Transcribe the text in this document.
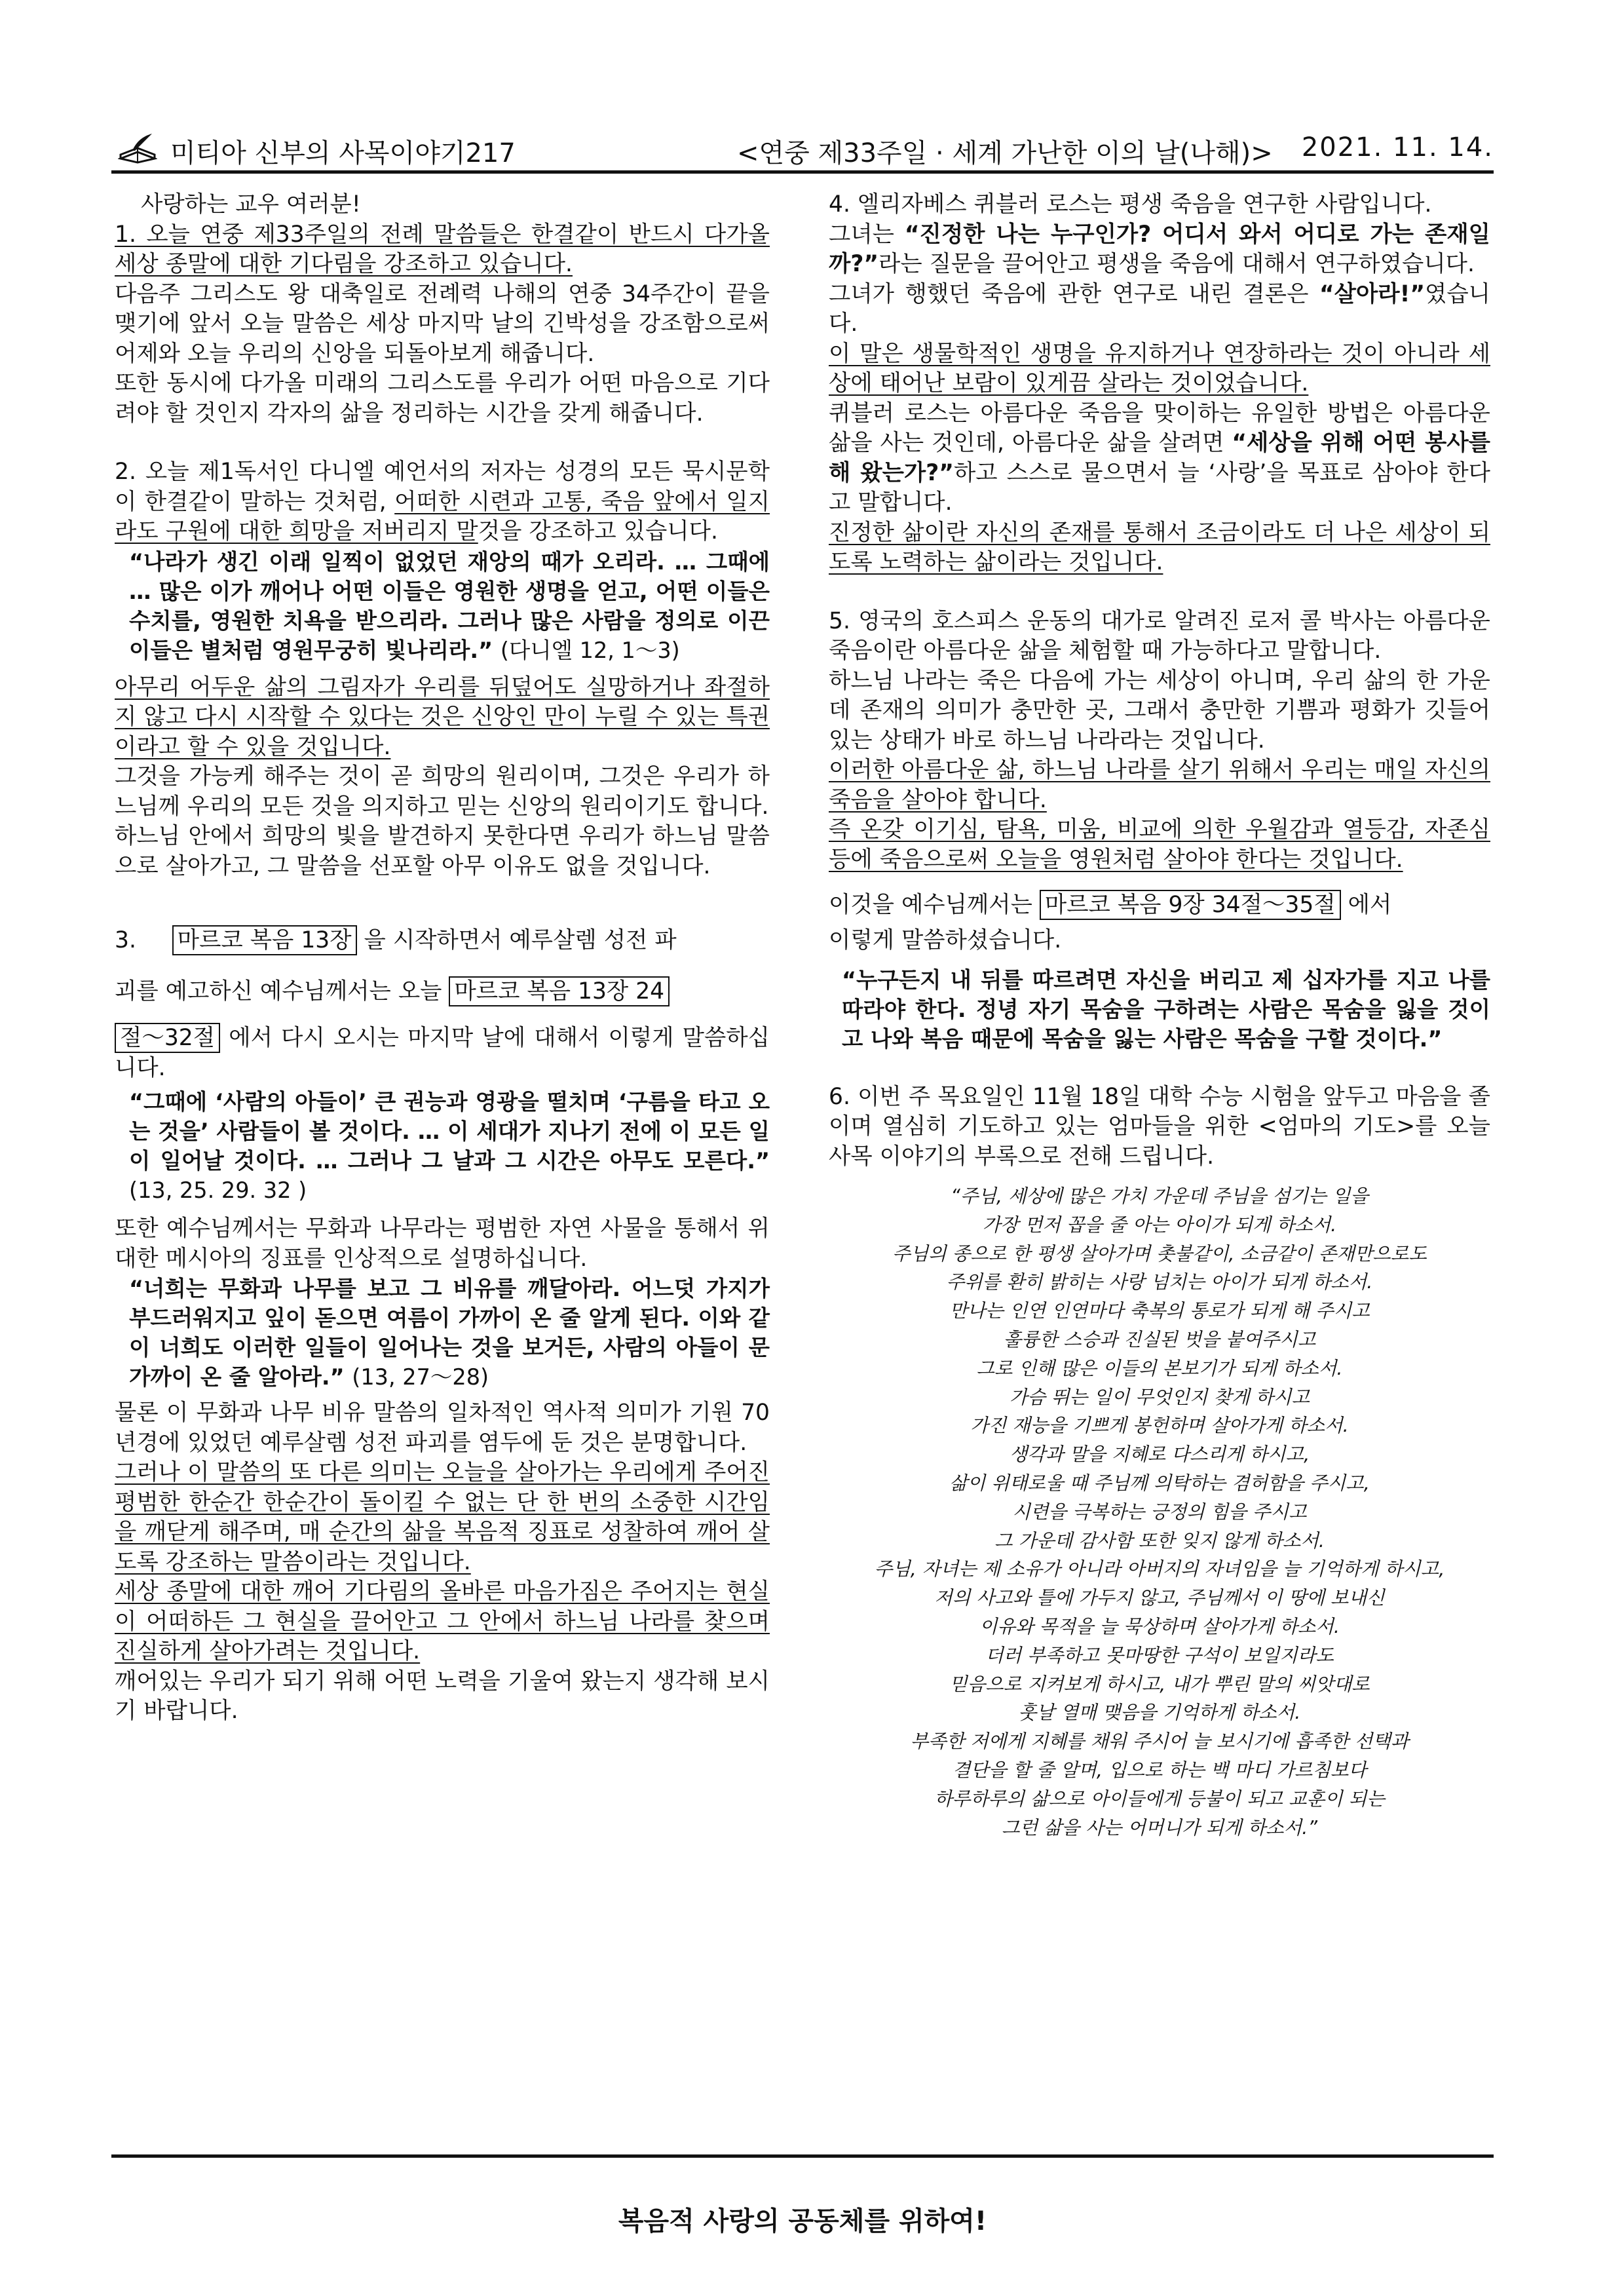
미티아 신부의 사목이야기217	<연중 제33주일 · 세계 가난한 이의 날(나해)> 2021. 11. 14.

사랑하는 교우 여러분!

1. 오늘 연중 제33주일의 전례 말씀들은 한결같이 반드시 다가올 세상 종말에 대한 기다림을 강조하고 있습니다.

다음주 그리스도 왕 대축일로 전례력 나해의 연중 34주간이 끝을 맺기에 앞서 오늘 말씀은 세상 마지막 날의 긴박성을 강조함으로써 어제와 오늘 우리의 신앙을 되돌아보게 해줍니다.

또한 동시에 다가올 미래의 그리스도를 우리가 어떤 마음으로 기다려야 할 것인지 각자의 삶을 정리하는 시간을 갖게 해줍니다.

2. 오늘 제1독서인 다니엘 예언서의 저자는 성경의 모든 묵시문학이 한결같이 말하는 것처럼, 어떠한 시련과 고통, 죽음 앞에서 일지라도 구원에 대한 희망을 저버리지 말것을 강조하고 있습니다.

“나라가 생긴 이래 일찍이 없었던 재앙의 때가 오리라. … 그때에 … 많은 이가 깨어나 어떤 이들은 영원한 생명을 얻고, 어떤 이들은 수치를, 영원한 치욕을 받으리라. 그러나 많은 사람을 정의로 이끈 이들은 별처럼 영원무궁히 빛나리라.” (다니엘 12, 1～3)

아무리 어두운 삶의 그림자가 우리를 뒤덮어도 실망하거나 좌절하지 않고 다시 시작할 수 있다는 것은 신앙인 만이 누릴 수 있는 특권이라고 할 수 있을 것입니다.

그것을 가능케 해주는 것이 곧 희망의 원리이며, 그것은 우리가 하느님께 우리의 모든 것을 의지하고 믿는 신앙의 원리이기도 합니다.

하느님 안에서 희망의 빛을 발견하지 못한다면 우리가 하느님 말씀으로 살아가고, 그 말씀을 선포할 아무 이유도 없을 것입니다.

3. 마르코 복음 13장 을 시작하면서 예루살렘 성전 파

괴를 예고하신 예수님께서는 오늘 마르코 복음 13장 24

절～32절 에서 다시 오시는 마지막 날에 대해서 이렇게 말씀하십니다.

“그때에 ‘사람의 아들이’ 큰 권능과 영광을 떨치며 ‘구름을 타고 오는 것을’ 사람들이 볼 것이다. … 이 세대가 지나기 전에 이 모든 일이 일어날 것이다. … 그러나 그 날과 그 시간은 아무도 모른다.” (13, 25. 29. 32 )

또한 예수님께서는 무화과 나무라는 평범한 자연 사물을 통해서 위대한 메시아의 징표를 인상적으로 설명하십니다.

“너희는 무화과 나무를 보고 그 비유를 깨달아라. 어느덧 가지가 부드러워지고 잎이 돋으면 여름이 가까이 온 줄 알게 된다. 이와 같이 너희도 이러한 일들이 일어나는 것을 보거든, 사람의 아들이 문 가까이 온 줄 알아라.” (13, 27～28)

물론 이 무화과 나무 비유 말씀의 일차적인 역사적 의미가 기원 70년경에 있었던 예루살렘 성전 파괴를 염두에 둔 것은 분명합니다.

그러나 이 말씀의 또 다른 의미는 오늘을 살아가는 우리에게 주어진 평범한 한순간 한순간이 돌이킬 수 없는 단 한 번의 소중한 시간임을 깨닫게 해주며, 매 순간의 삶을 복음적 징표로 성찰하여 깨어 살도록 강조하는 말씀이라는 것입니다.

세상 종말에 대한 깨어 기다림의 올바른 마음가짐은 주어지는 현실이 어떠하든 그 현실을 끌어안고 그 안에서 하느님 나라를 찾으며 진실하게 살아가려는 것입니다.

깨어있는 우리가 되기 위해 어떤 노력을 기울여 왔는지 생각해 보시기 바랍니다.

4. 엘리자베스 퀴블러 로스는 평생 죽음을 연구한 사람입니다.

그녀는 “진정한 나는 누구인가? 어디서 와서 어디로 가는 존재일까?”라는 질문을 끌어안고 평생을 죽음에 대해서 연구하였습니다.

그녀가 행했던 죽음에 관한 연구로 내린 결론은 “살아라!”였습니다.

이 말은 생물학적인 생명을 유지하거나 연장하라는 것이 아니라 세상에 태어난 보람이 있게끔 살라는 것이었습니다.

퀴블러 로스는 아름다운 죽음을 맞이하는 유일한 방법은 아름다운 삶을 사는 것인데, 아름다운 삶을 살려면 “세상을 위해 어떤 봉사를 해 왔는가?”하고 스스로 물으면서 늘 ‘사랑’을 목표로 삼아야 한다고 말합니다.

진정한 삶이란 자신의 존재를 통해서 조금이라도 더 나은 세상이 되도록 노력하는 삶이라는 것입니다.

5. 영국의 호스피스 운동의 대가로 알려진 로저 콜 박사는 아름다운 죽음이란 아름다운 삶을 체험할 때 가능하다고 말합니다.

하느님 나라는 죽은 다음에 가는 세상이 아니며, 우리 삶의 한 가운데 존재의 의미가 충만한 곳, 그래서 충만한 기쁨과 평화가 깃들어 있는 상태가 바로 하느님 나라라는 것입니다.

이러한 아름다운 삶, 하느님 나라를 살기 위해서 우리는 매일 자신의 죽음을 살아야 합니다.

즉 온갖 이기심, 탐욕, 미움, 비교에 의한 우월감과 열등감, 자존심 등에 죽음으로써 오늘을 영원처럼 살아야 한다는 것입니다.

이것을 예수님께서는 마르코 복음 9장 34절～35절 에서

이렇게 말씀하셨습니다.

“누구든지 내 뒤를 따르려면 자신을 버리고 제 십자가를 지고 나를 따라야 한다. 정녕 자기 목숨을 구하려는 사람은 목숨을 잃을 것이고 나와 복음 때문에 목숨을 잃는 사람은 목숨을 구할 것이다.”

6. 이번 주 목요일인 11월 18일 대학 수능 시험을 앞두고 마음을 졸이며 열심히 기도하고 있는 엄마들을 위한 <엄마의 기도>를 오늘 사목 이야기의 부록으로 전해 드립니다.

“주님, 세상에 많은 가치 가운데 주님을 섬기는 일을
가장 먼저 꼽을 줄 아는 아이가 되게 하소서.
주님의 종으로 한 평생 살아가며 촛불같이, 소금같이 존재만으로도
주위를 환히 밝히는 사랑 넘치는 아이가 되게 하소서.
만나는 인연 인연마다 축복의 통로가 되게 해 주시고
훌륭한 스승과 진실된 벗을 붙여주시고
그로 인해 많은 이들의 본보기가 되게 하소서.
가슴 뛰는 일이 무엇인지 찾게 하시고
가진 재능을 기쁘게 봉헌하며 살아가게 하소서.
생각과 말을 지혜로 다스리게 하시고,
삶이 위태로울 때 주님께 의탁하는 겸허함을 주시고,
시련을 극복하는 긍정의 힘을 주시고
그 가운데 감사함 또한 잊지 않게 하소서.
주님, 자녀는 제 소유가 아니라 아버지의 자녀임을 늘 기억하게 하시고,
저의 사고와 틀에 가두지 않고, 주님께서 이 땅에 보내신
이유와 목적을 늘 묵상하며 살아가게 하소서.
더러 부족하고 못마땅한 구석이 보일지라도
믿음으로 지켜보게 하시고, 내가 뿌린 말의 씨앗대로
훗날 열매 맺음을 기억하게 하소서.
부족한 저에게 지혜를 채워 주시어 늘 보시기에 흡족한 선택과
결단을 할 줄 알며, 입으로 하는 백 마디 가르침보다
하루하루의 삶으로 아이들에게 등불이 되고 교훈이 되는
그런 삶을 사는 어머니가 되게 하소서.”
복음적 사랑의 공동체를 위하여!
